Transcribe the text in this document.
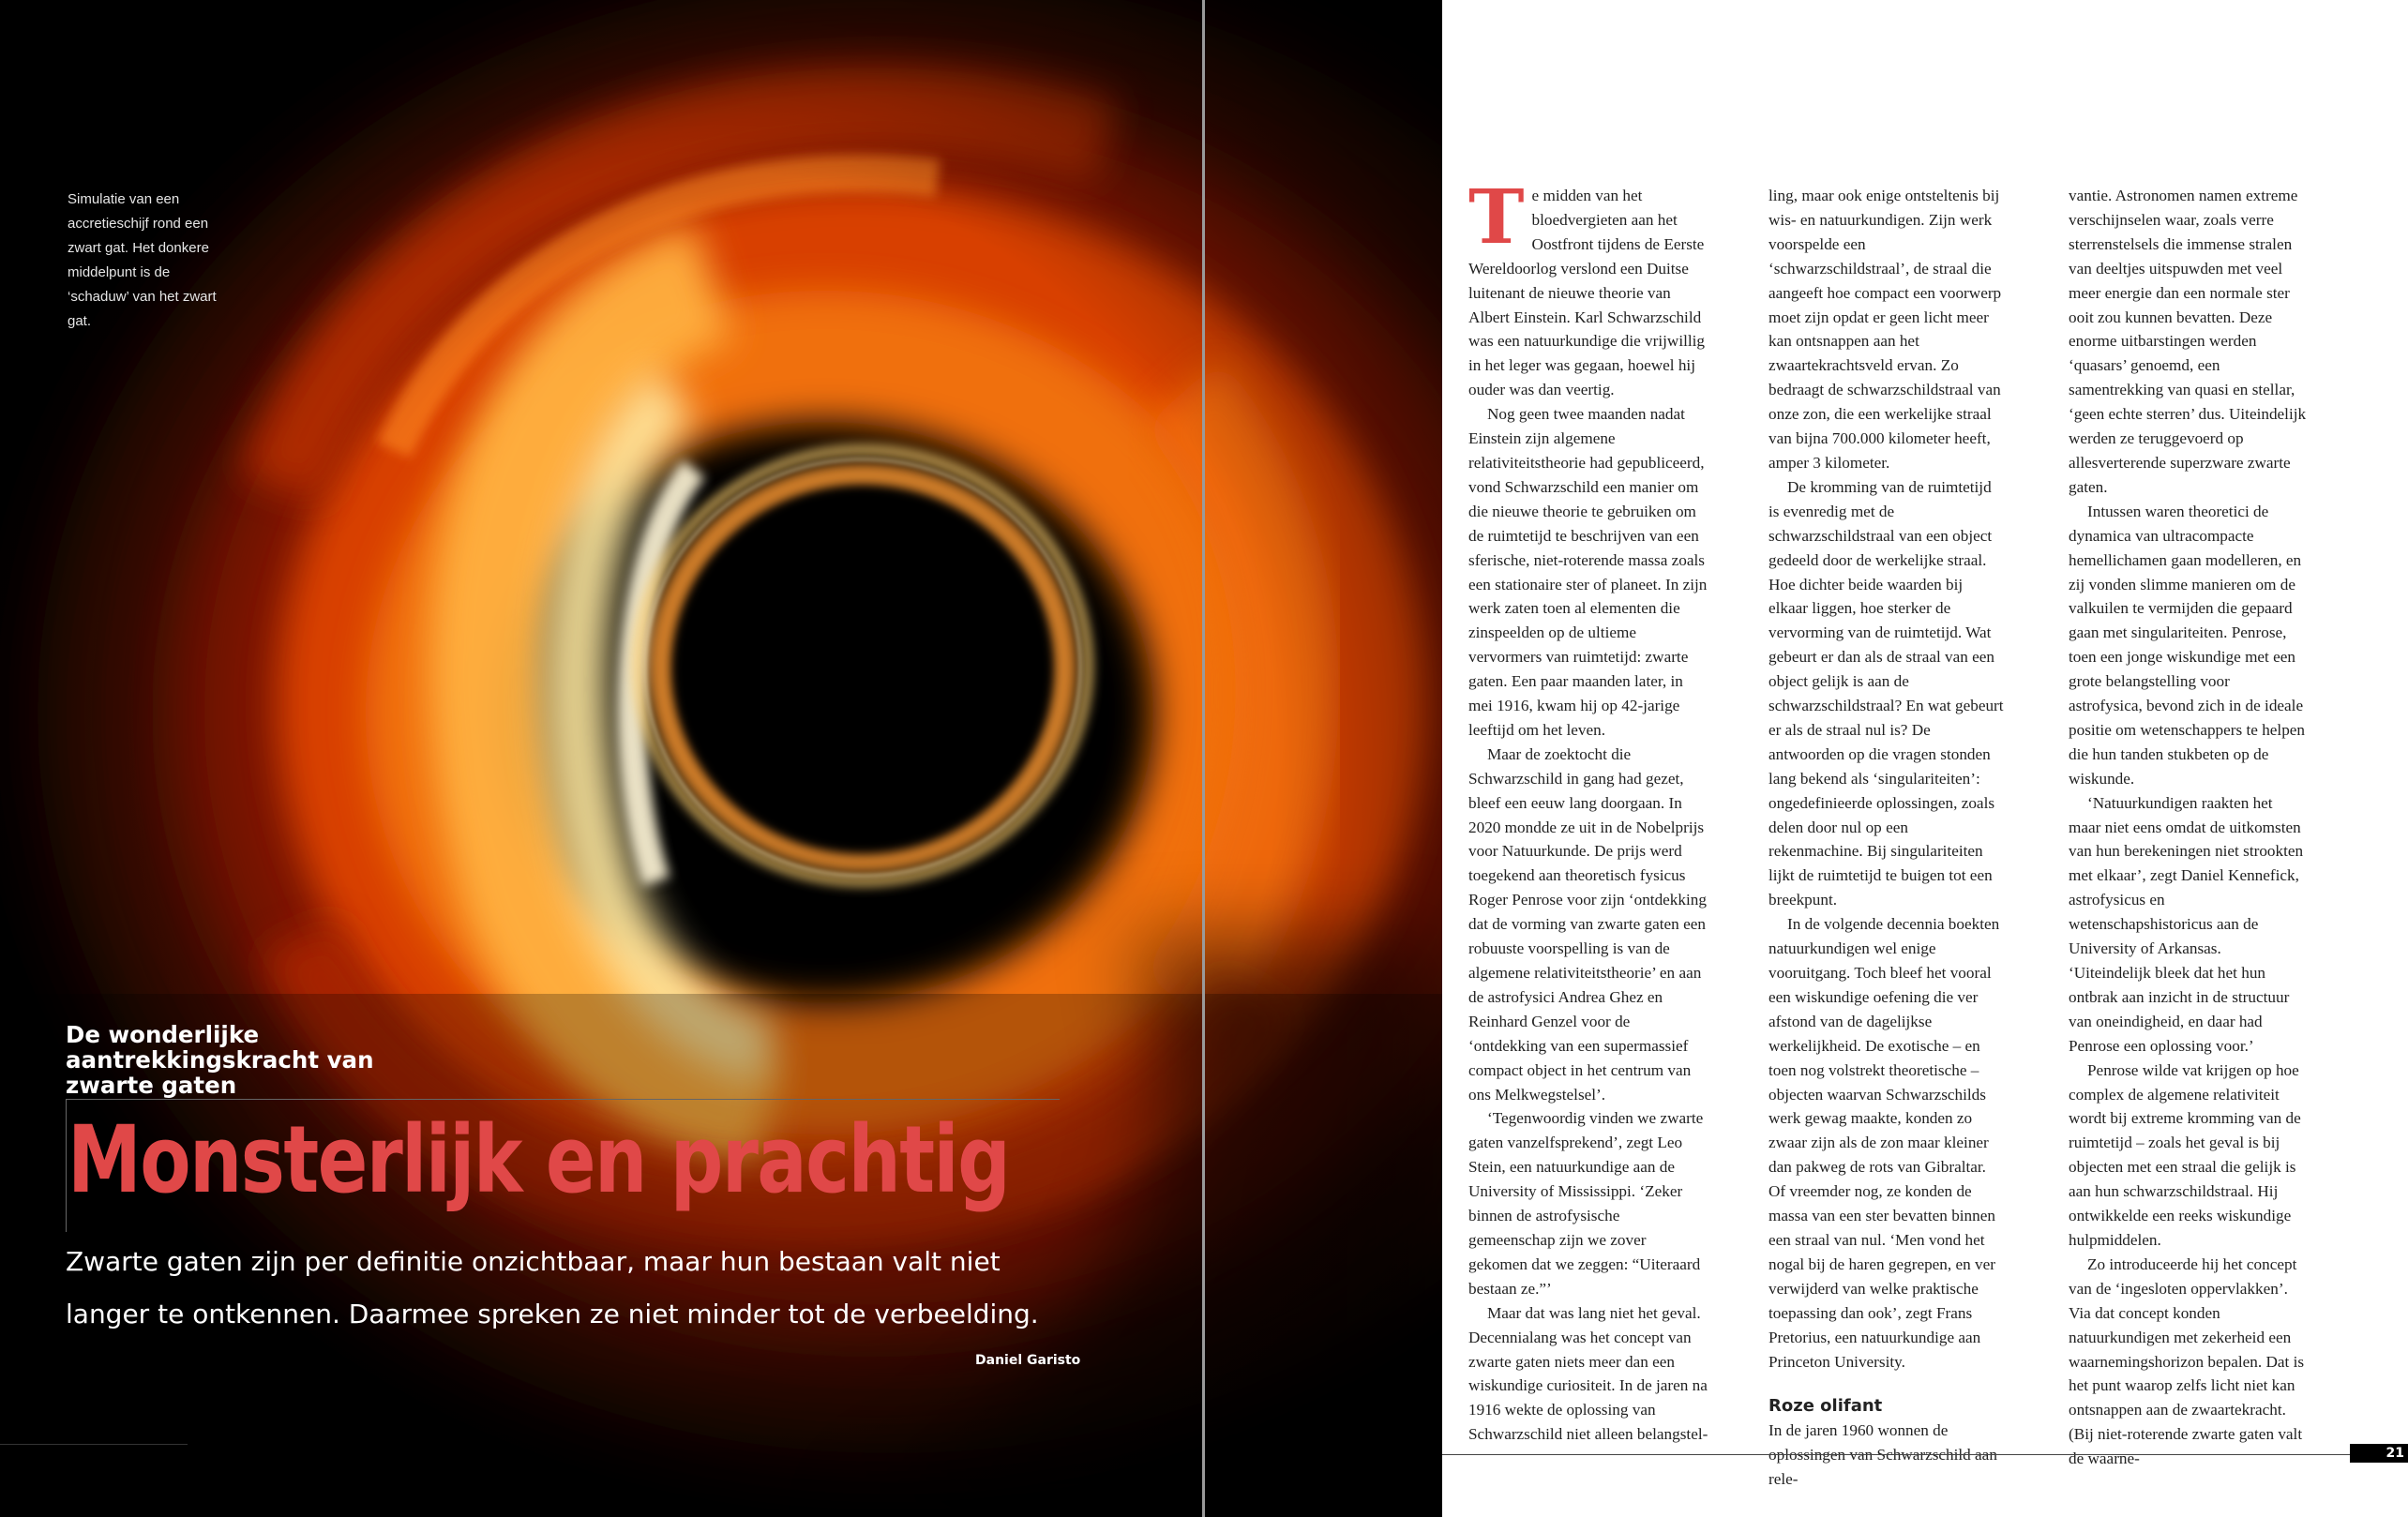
Simulatie van een accretieschijf rond een zwart gat. Het donkere middelpunt is de ‘schaduw’ van het zwart gat.

De wonderlijke aantrekkingskracht van zwarte gaten
Monsterlijk en prachtig

Zwarte gaten zijn per definitie onzichtbaar, maar hun bestaan valt niet langer te ontkennen. Daarmee spreken ze niet minder tot de verbeelding.

Daniel Garisto

T e midden van het bloedvergieten aan het Oostfront tijdens de Eerste Wereldoorlog verslond een Duitse luitenant de nieuwe theorie van Albert Einstein. Karl Schwarzschild was een natuurkundige die vrijwillig in het leger was gegaan, hoewel hij ouder was dan veertig.

Nog geen twee maanden nadat Einstein zijn algemene relativiteitstheorie had gepubliceerd, vond Schwarzschild een manier om die nieuwe theorie te gebruiken om de ruimtetijd te beschrijven van een sferische, niet-roterende massa zoals een stationaire ster of planeet. In zijn werk zaten toen al elementen die zinspeelden op de ultieme vervormers van ruimtetijd: zwarte gaten. Een paar maanden later, in mei 1916, kwam hij op 42-jarige leeftijd om het leven.

Maar de zoektocht die Schwarzschild in gang had gezet, bleef een eeuw lang doorgaan. In 2020 mondde ze uit in de Nobelprijs voor Natuurkunde. De prijs werd toegekend aan theoretisch fysicus Roger Penrose voor zijn ‘ontdekking dat de vorming van zwarte gaten een robuuste voorspelling is van de algemene relativiteitstheorie’ en aan de astrofysici Andrea Ghez en Reinhard Genzel voor de ‘ontdekking van een supermassief compact object in het centrum van ons Melkwegstelsel’.

‘Tegenwoordig vinden we zwarte gaten vanzelfsprekend’, zegt Leo Stein, een natuurkundige aan de University of Mississippi. ‘Zeker binnen de astrofysische gemeenschap zijn we zover gekomen dat we zeggen: “Uiteraard bestaan ze.”’

Maar dat was lang niet het geval. Decennialang was het concept van zwarte gaten niets meer dan een wiskundige curiositeit. In de jaren na 1916 wekte de oplossing van Schwarzschild niet alleen belangstel-

ling, maar ook enige ontsteltenis bij wis- en natuurkundigen. Zijn werk voorspelde een ‘schwarzschildstraal’, de straal die aangeeft hoe compact een voorwerp moet zijn opdat er geen licht meer kan ontsnappen aan het zwaartekrachtsveld ervan. Zo bedraagt de schwarzschildstraal van onze zon, die een werkelijke straal van bijna 700.000 kilometer heeft, amper 3 kilometer.

De kromming van de ruimtetijd is evenredig met de schwarzschildstraal van een object gedeeld door de werkelijke straal. Hoe dichter beide waarden bij elkaar liggen, hoe sterker de vervorming van de ruimtetijd. Wat gebeurt er dan als de straal van een object gelijk is aan de schwarzschildstraal? En wat gebeurt er als de straal nul is? De antwoorden op die vragen stonden lang bekend als ‘singulariteiten’: ongedefinieerde oplossingen, zoals delen door nul op een rekenmachine. Bij singulariteiten lijkt de ruimtetijd te buigen tot een breekpunt.

In de volgende decennia boekten natuurkundigen wel enige vooruitgang. Toch bleef het vooral een wiskundige oefening die ver afstond van de dagelijkse werkelijkheid. De exotische – en toen nog volstrekt theoretische – objecten waarvan Schwarzschilds werk gewag maakte, konden zo zwaar zijn als de zon maar kleiner dan pakweg de rots van Gibraltar. Of vreemder nog, ze konden de massa van een ster bevatten binnen een straal van nul. ‘Men vond het nogal bij de haren gegrepen, en ver verwijderd van welke praktische toepassing dan ook’, zegt Frans Pretorius, een natuurkundige aan Princeton University.

Roze olifant

In de jaren 1960 wonnen de oplossingen van Schwarzschild aan rele-

vantie. Astronomen namen extreme verschijnselen waar, zoals verre sterrenstelsels die immense stralen van deeltjes uitspuwden met veel meer energie dan een normale ster ooit zou kunnen bevatten. Deze enorme uitbarstingen werden ‘quasars’ genoemd, een samentrekking van quasi en stellar, ‘geen echte sterren’ dus. Uiteindelijk werden ze teruggevoerd op allesverterende superzware zwarte gaten.

Intussen waren theoretici de dynamica van ultracompacte hemellichamen gaan modelleren, en zij vonden slimme manieren om de valkuilen te vermijden die gepaard gaan met singulariteiten. Penrose, toen een jonge wiskundige met een grote belangstelling voor astrofysica, bevond zich in de ideale positie om wetenschappers te helpen die hun tanden stukbeten op de wiskunde.

‘Natuurkundigen raakten het maar niet eens omdat de uitkomsten van hun berekeningen niet strookten met elkaar’, zegt Daniel Kennefick, astrofysicus en wetenschapshistoricus aan de University of Arkansas. ‘Uiteindelijk bleek dat het hun ontbrak aan inzicht in de structuur van oneindigheid, en daar had Penrose een oplossing voor.’

Penrose wilde vat krijgen op hoe complex de algemene relativiteit wordt bij extreme kromming van de ruimtetijd – zoals het geval is bij objecten met een straal die gelijk is aan hun schwarzschildstraal. Hij ontwikkelde een reeks wiskundige hulpmiddelen.

Zo introduceerde hij het concept van de ‘ingesloten oppervlakken’. Via dat concept konden natuurkundigen met zekerheid een waarnemingshorizon bepalen. Dat is het punt waarop zelfs licht niet kan ontsnappen aan de zwaartekracht. (Bij niet-roterende zwarte gaten valt de waarne-	21
